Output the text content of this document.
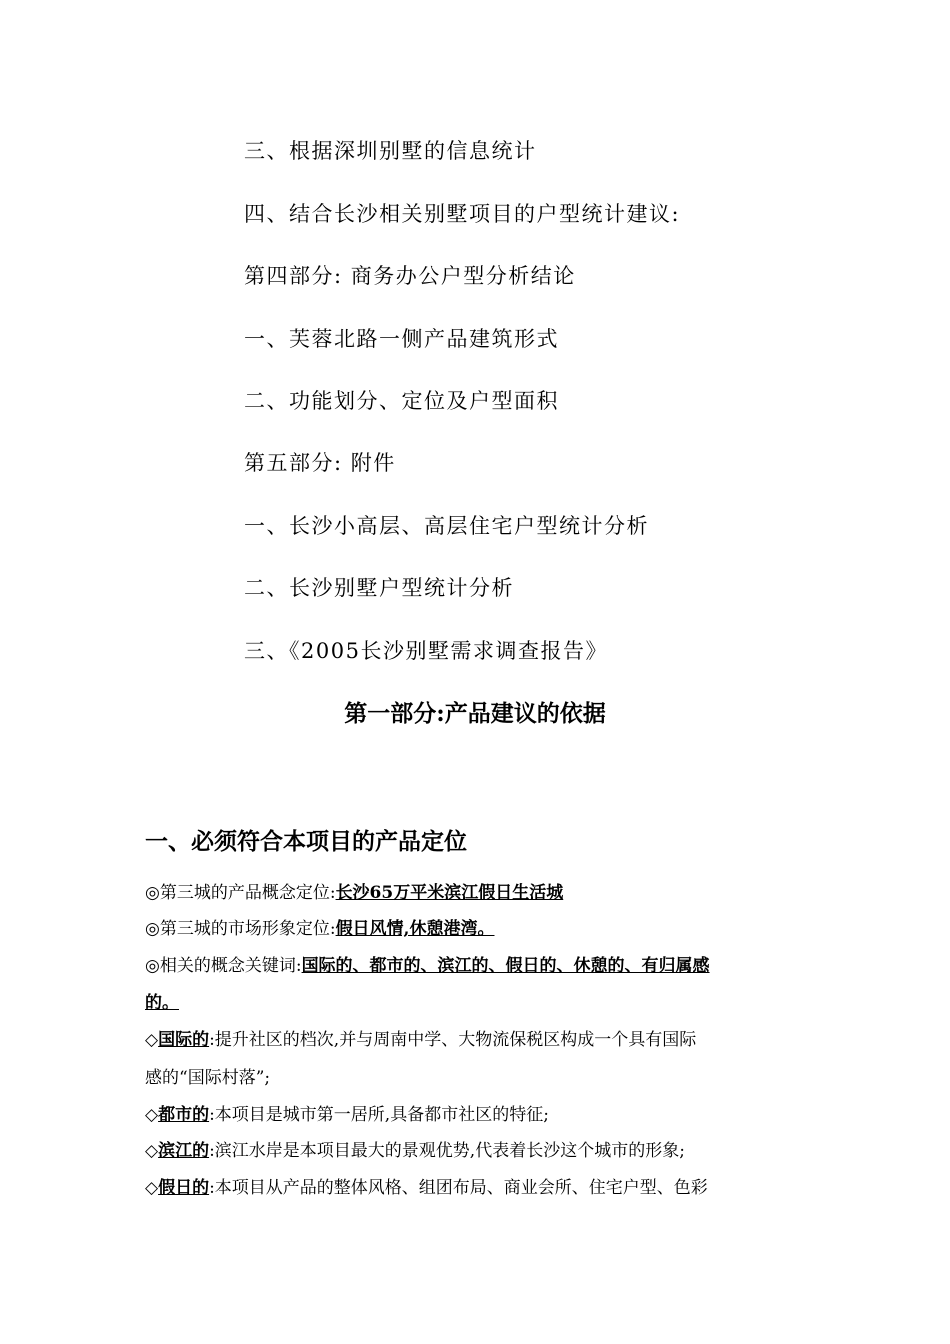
三、根据深圳别墅的信息统计
四、结合长沙相关别墅项目的户型统计建议:
第四部分: 商务办公户型分析结论
一、芙蓉北路一侧产品建筑形式
二、功能划分、定位及户型面积
第五部分: 附件
一、长沙小高层、高层住宅户型统计分析
二、长沙别墅户型统计分析
三、《2005长沙别墅需求调查报告》
第一部分:产品建议的依据
一、必须符合本项目的产品定位
◎第三城的产品概念定位:长沙65万平米滨江假日生活城
◎第三城的市场形象定位:假日风情,休憩港湾。
◎相关的概念关键词:国际的、都市的、滨江的、假日的、休憩的、有归属感
的。
◇国际的:提升社区的档次,并与周南中学、大物流保税区构成一个具有国际
感的“国际村落”;
◇都市的:本项目是城市第一居所,具备都市社区的特征;
◇滨江的:滨江水岸是本项目最大的景观优势,代表着长沙这个城市的形象;
◇假日的:本项目从产品的整体风格、组团布局、商业会所、住宅户型、色彩
